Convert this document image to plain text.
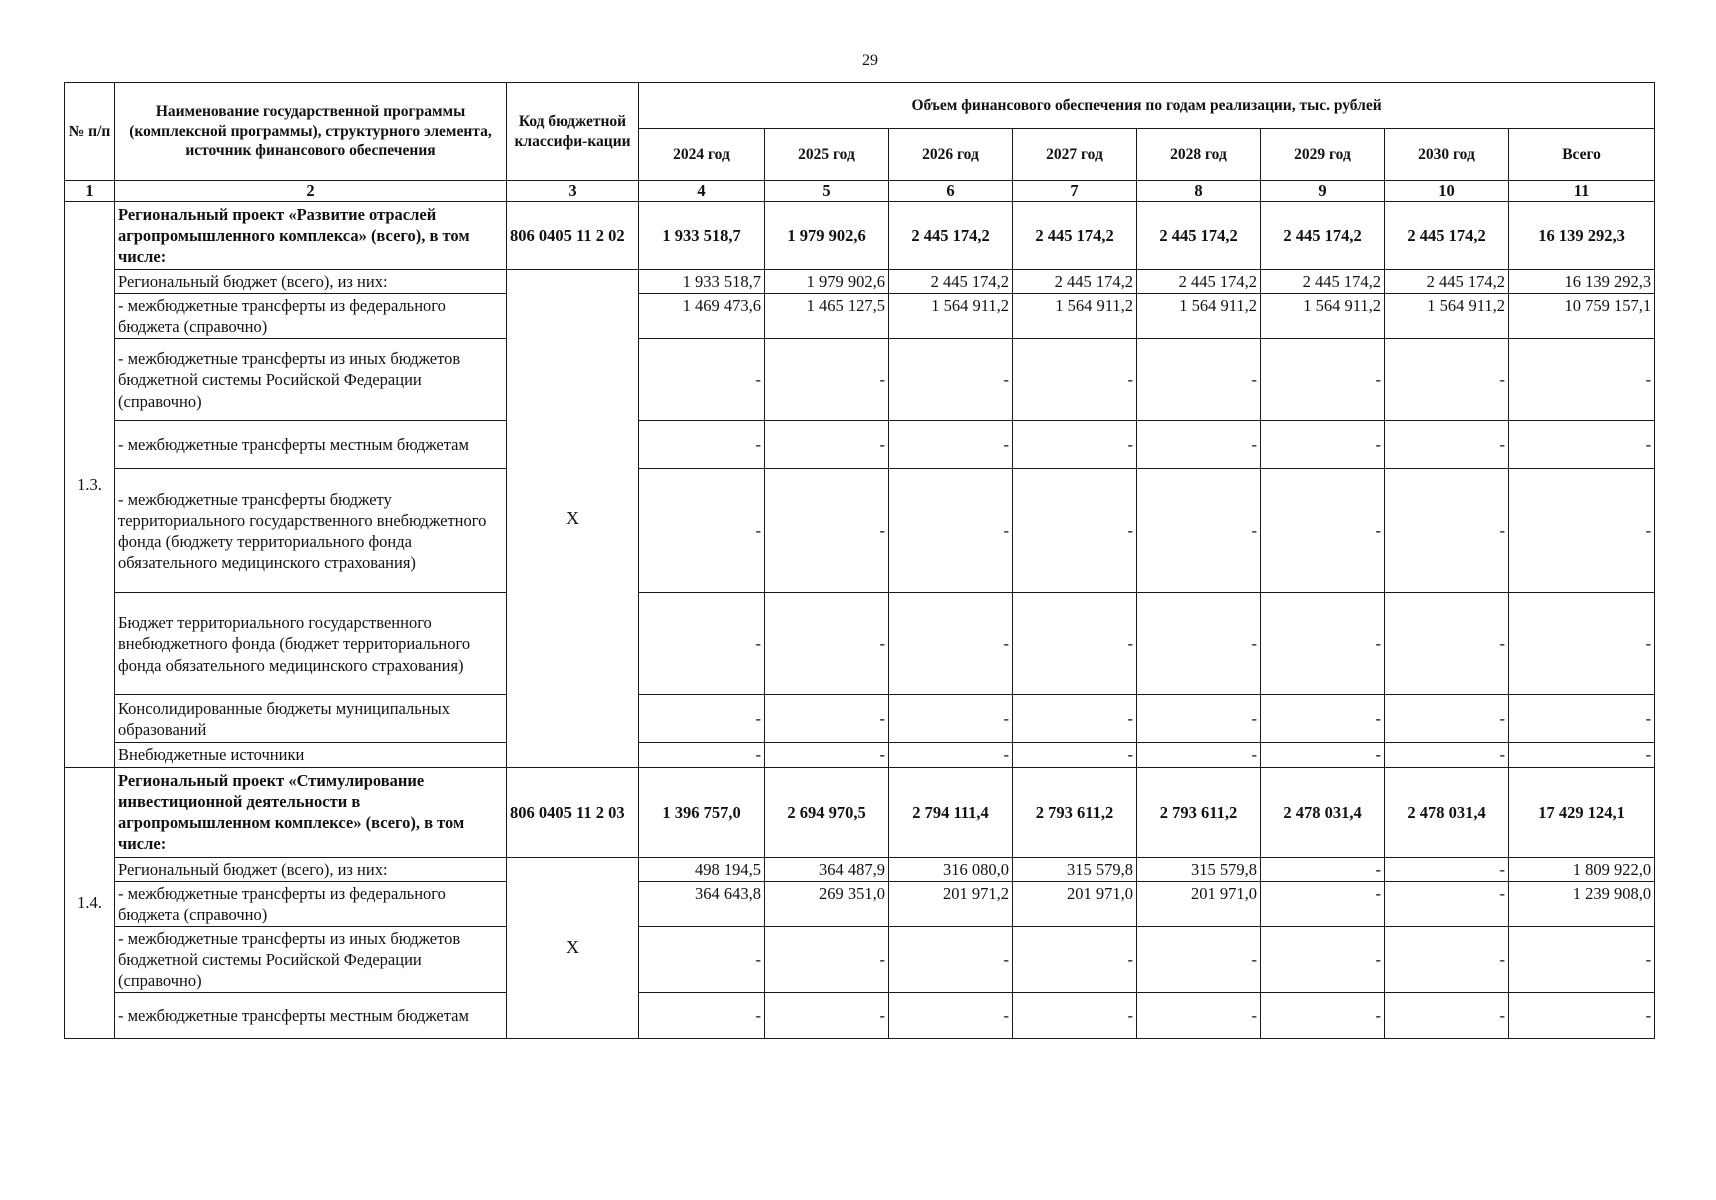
29
№ п/п	Наименование государственной программы (комплексной программы), структурного элемента, источник финансового обеспечения	Код бюджетной классифи-кации	Объем финансового обеспечения по годам реализации, тыс. рублей							
			2024 год	2025 год	2026 год	2027 год	2028 год	2029 год	2030 год	Всего
1	2	3	4	5	6	7	8	9	10	11
1.3.	Региональный проект «Развитие отраслей агропромышленного комплекса» (всего), в том числе:	806 0405 11 2 02	1 933 518,7	1 979 902,6	2 445 174,2	2 445 174,2	2 445 174,2	2 445 174,2	2 445 174,2	16 139 292,3
	Региональный бюджет (всего), из них:	X	1 933 518,7	1 979 902,6	2 445 174,2	2 445 174,2	2 445 174,2	2 445 174,2	2 445 174,2	16 139 292,3
	- межбюджетные трансферты из федерального бюджета (справочно)		1 469 473,6	1 465 127,5	1 564 911,2	1 564 911,2	1 564 911,2	1 564 911,2	1 564 911,2	10 759 157,1
	- межбюджетные трансферты из иных бюджетов бюджетной системы Росийской Федерации (справочно)		-	-	-	-	-	-	-	-
	- межбюджетные трансферты местным бюджетам		-	-	-	-	-	-	-	-
	- межбюджетные трансферты бюджету территориального государственного внебюджетного фонда (бюджету территориального фонда обязательного медицинского страхования)		-	-	-	-	-	-	-	-
	Бюджет территориального государственного внебюджетного фонда (бюджет территориального фонда обязательного медицинского страхования)		-	-	-	-	-	-	-	-
	Консолидированные бюджеты муниципальных образований		-	-	-	-	-	-	-	-
	Внебюджетные источники		-	-	-	-	-	-	-	-
1.4.	Региональный проект «Стимулирование инвестиционной деятельности в агропромышленном комплексе» (всего), в том числе:	806 0405 11 2 03	1 396 757,0	2 694 970,5	2 794 111,4	2 793 611,2	2 793 611,2	2 478 031,4	2 478 031,4	17 429 124,1
	Региональный бюджет (всего), из них:	X	498 194,5	364 487,9	316 080,0	315 579,8	315 579,8	-	-	1 809 922,0
	- межбюджетные трансферты из федерального бюджета (справочно)		364 643,8	269 351,0	201 971,2	201 971,0	201 971,0	-	-	1 239 908,0
	- межбюджетные трансферты из иных бюджетов бюджетной системы Росийской Федерации (справочно)		-	-	-	-	-	-	-	-
	- межбюджетные трансферты местным бюджетам		-	-	-	-	-	-	-	-
